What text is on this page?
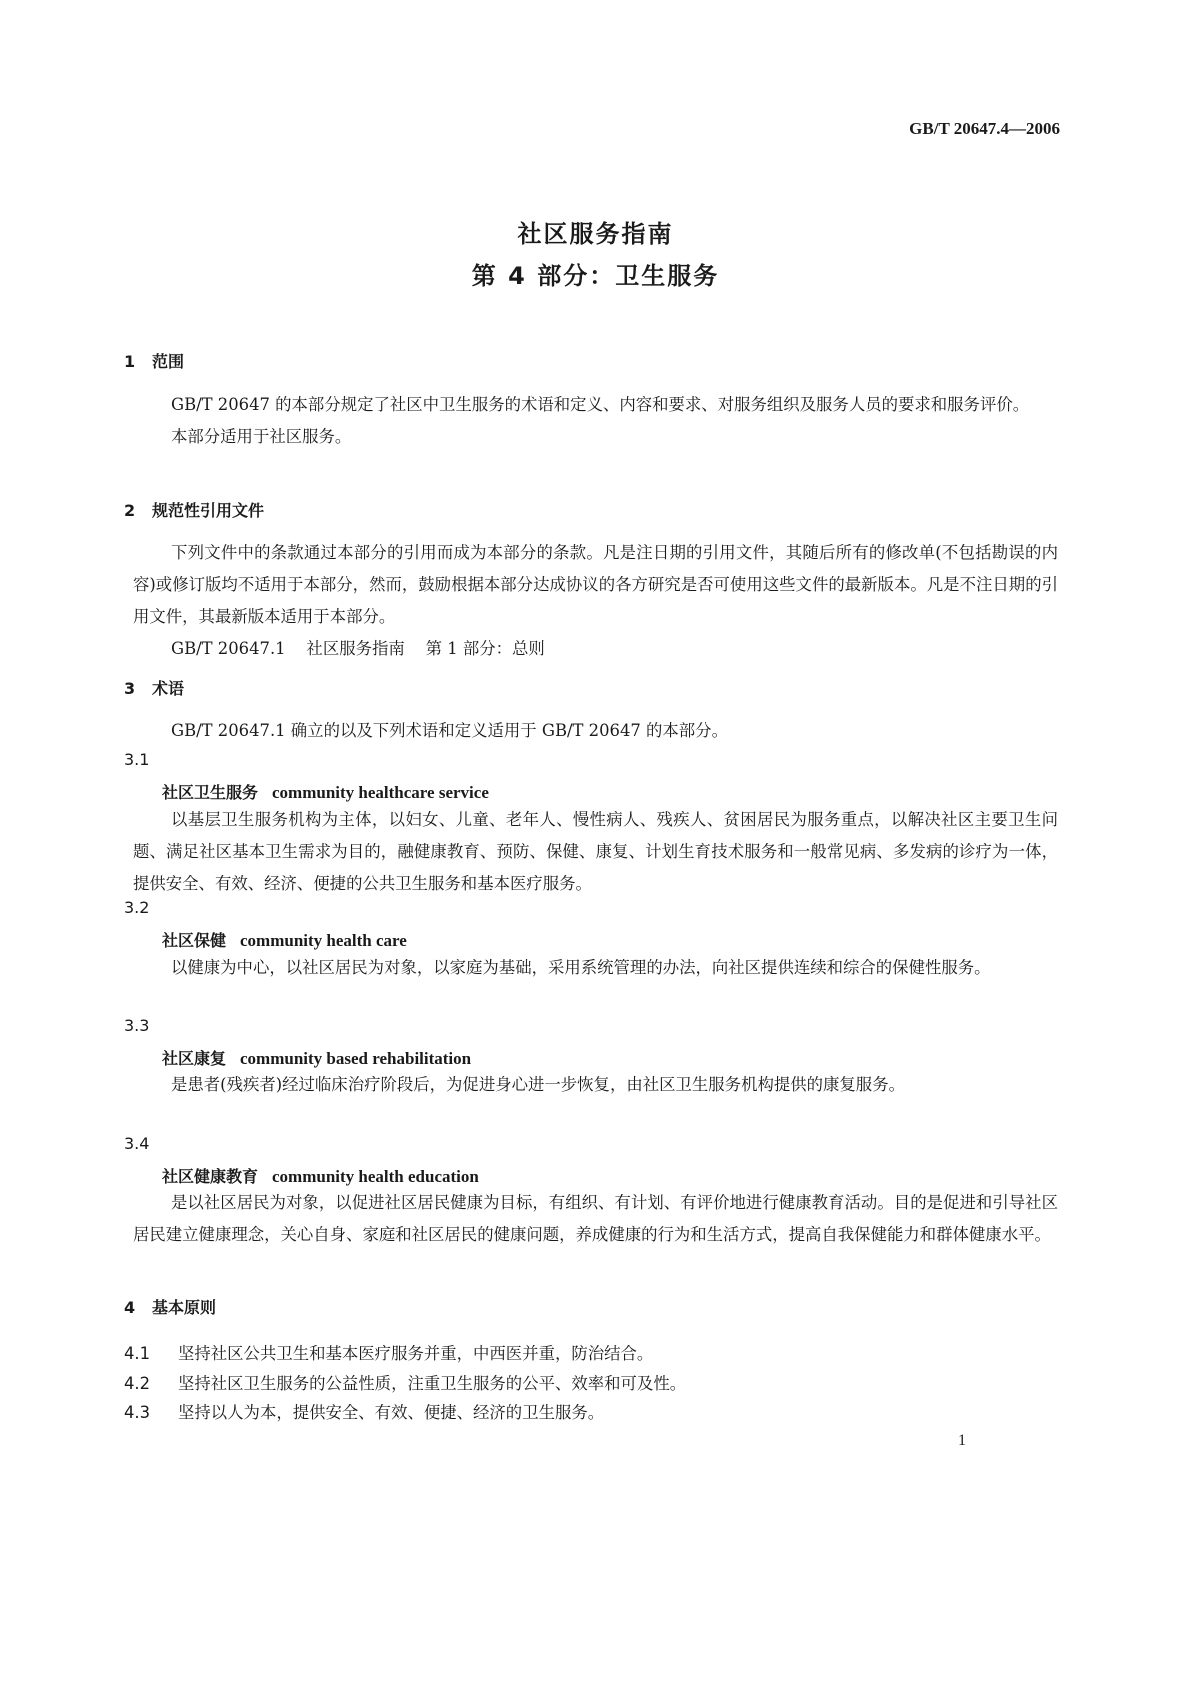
GB/T 20647.4—2006
社区服务指南
第 4 部分：卫生服务
1 范围

GB/T 20647 的本部分规定了社区中卫生服务的术语和定义、内容和要求、对服务组织及服务人员的要求和服务评价。

本部分适用于社区服务。

2 规范性引用文件

下列文件中的条款通过本部分的引用而成为本部分的条款。凡是注日期的引用文件，其随后所有的修改单(不包括勘误的内容)或修订版均不适用于本部分，然而，鼓励根据本部分达成协议的各方研究是否可使用这些文件的最新版本。凡是不注日期的引用文件，其最新版本适用于本部分。

GB/T 20647.1    社区服务指南    第 1 部分：总则

3 术语
GB/T 20647.1 确立的以及下列术语和定义适用于 GB/T 20647 的本部分。
3.1
社区卫生服务 community healthcare service

以基层卫生服务机构为主体，以妇女、儿童、老年人、慢性病人、残疾人、贫困居民为服务重点，以解决社区主要卫生问题、满足社区基本卫生需求为目的，融健康教育、预防、保健、康复、计划生育技术服务和一般常见病、多发病的诊疗为一体，提供安全、有效、经济、便捷的公共卫生服务和基本医疗服务。

3.2
社区保健 community health care

以健康为中心，以社区居民为对象，以家庭为基础，采用系统管理的办法，向社区提供连续和综合的保健性服务。

3.3
社区康复 community based rehabilitation

是患者(残疾者)经过临床治疗阶段后，为促进身心进一步恢复，由社区卫生服务机构提供的康复服务。

3.4
社区健康教育 community health education

是以社区居民为对象，以促进社区居民健康为目标，有组织、有计划、有评价地进行健康教育活动。目的是促进和引导社区居民建立健康理念，关心自身、家庭和社区居民的健康问题，养成健康的行为和生活方式，提高自我保健能力和群体健康水平。

4 基本原则
4.1 坚持社区公共卫生和基本医疗服务并重，中西医并重，防治结合。
4.2 坚持社区卫生服务的公益性质，注重卫生服务的公平、效率和可及性。
4.3 坚持以人为本，提供安全、有效、便捷、经济的卫生服务。
1
